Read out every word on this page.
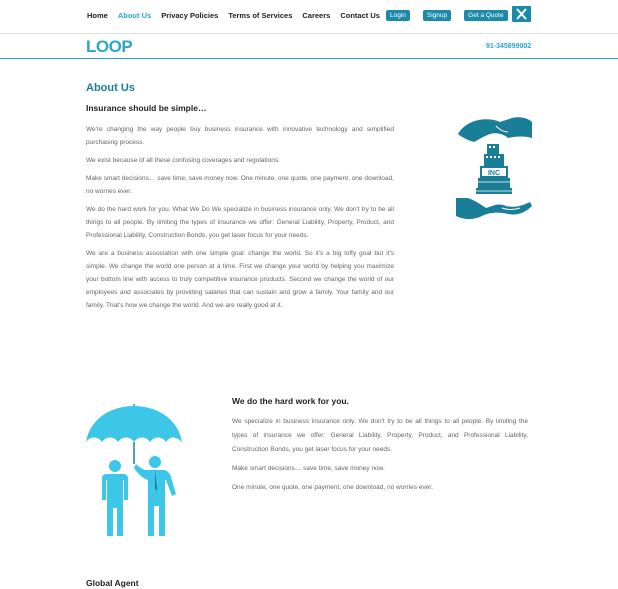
Home About Us Privacy Policies Terms of Services Careers Contact Us	Login	Signup	Get a Quote
LOOP	91-345899002
About Us
Insurance should be simple…

We're changing the way people buy business insurance with innovative technology and simplified purchasing process.

We exist because of all these confusing coverages and regulations.

Make smart decisions… save time, save money now. One minute, one quote, one payment, one download, no worries ever.

We do the hard work for you. What We Do We specialize in business insurance only. We don't try to be all things to all people. By limiting the types of insurance we offer: General Liability, Property, Product, and Professional Liability, Construction Bonds, you get laser focus for your needs.

We are a business association with one simple goal: change the world. So it's a big lofty goal but it's simple. We change the world one person at a time. First we change your world by helping you maximize your bottom line with access to truly competitive insurance products. Second we change the world of our employees and associates by providing salaries that can sustain and grow a family. Your family and our family. That's how we change the world. And we are really good at it.

INC
We do the hard work for you.

We specialize in business insurance only. We don't try to be all things to all people. By limiting the types of insurance we offer: General Liability, Property, Product, and Professional Liability, Construction Bonds, you get laser focus for your needs.

Make smart decisions… save time, save money now.

One minute, one quote, one payment, one download, no worries ever.

Global Agent
